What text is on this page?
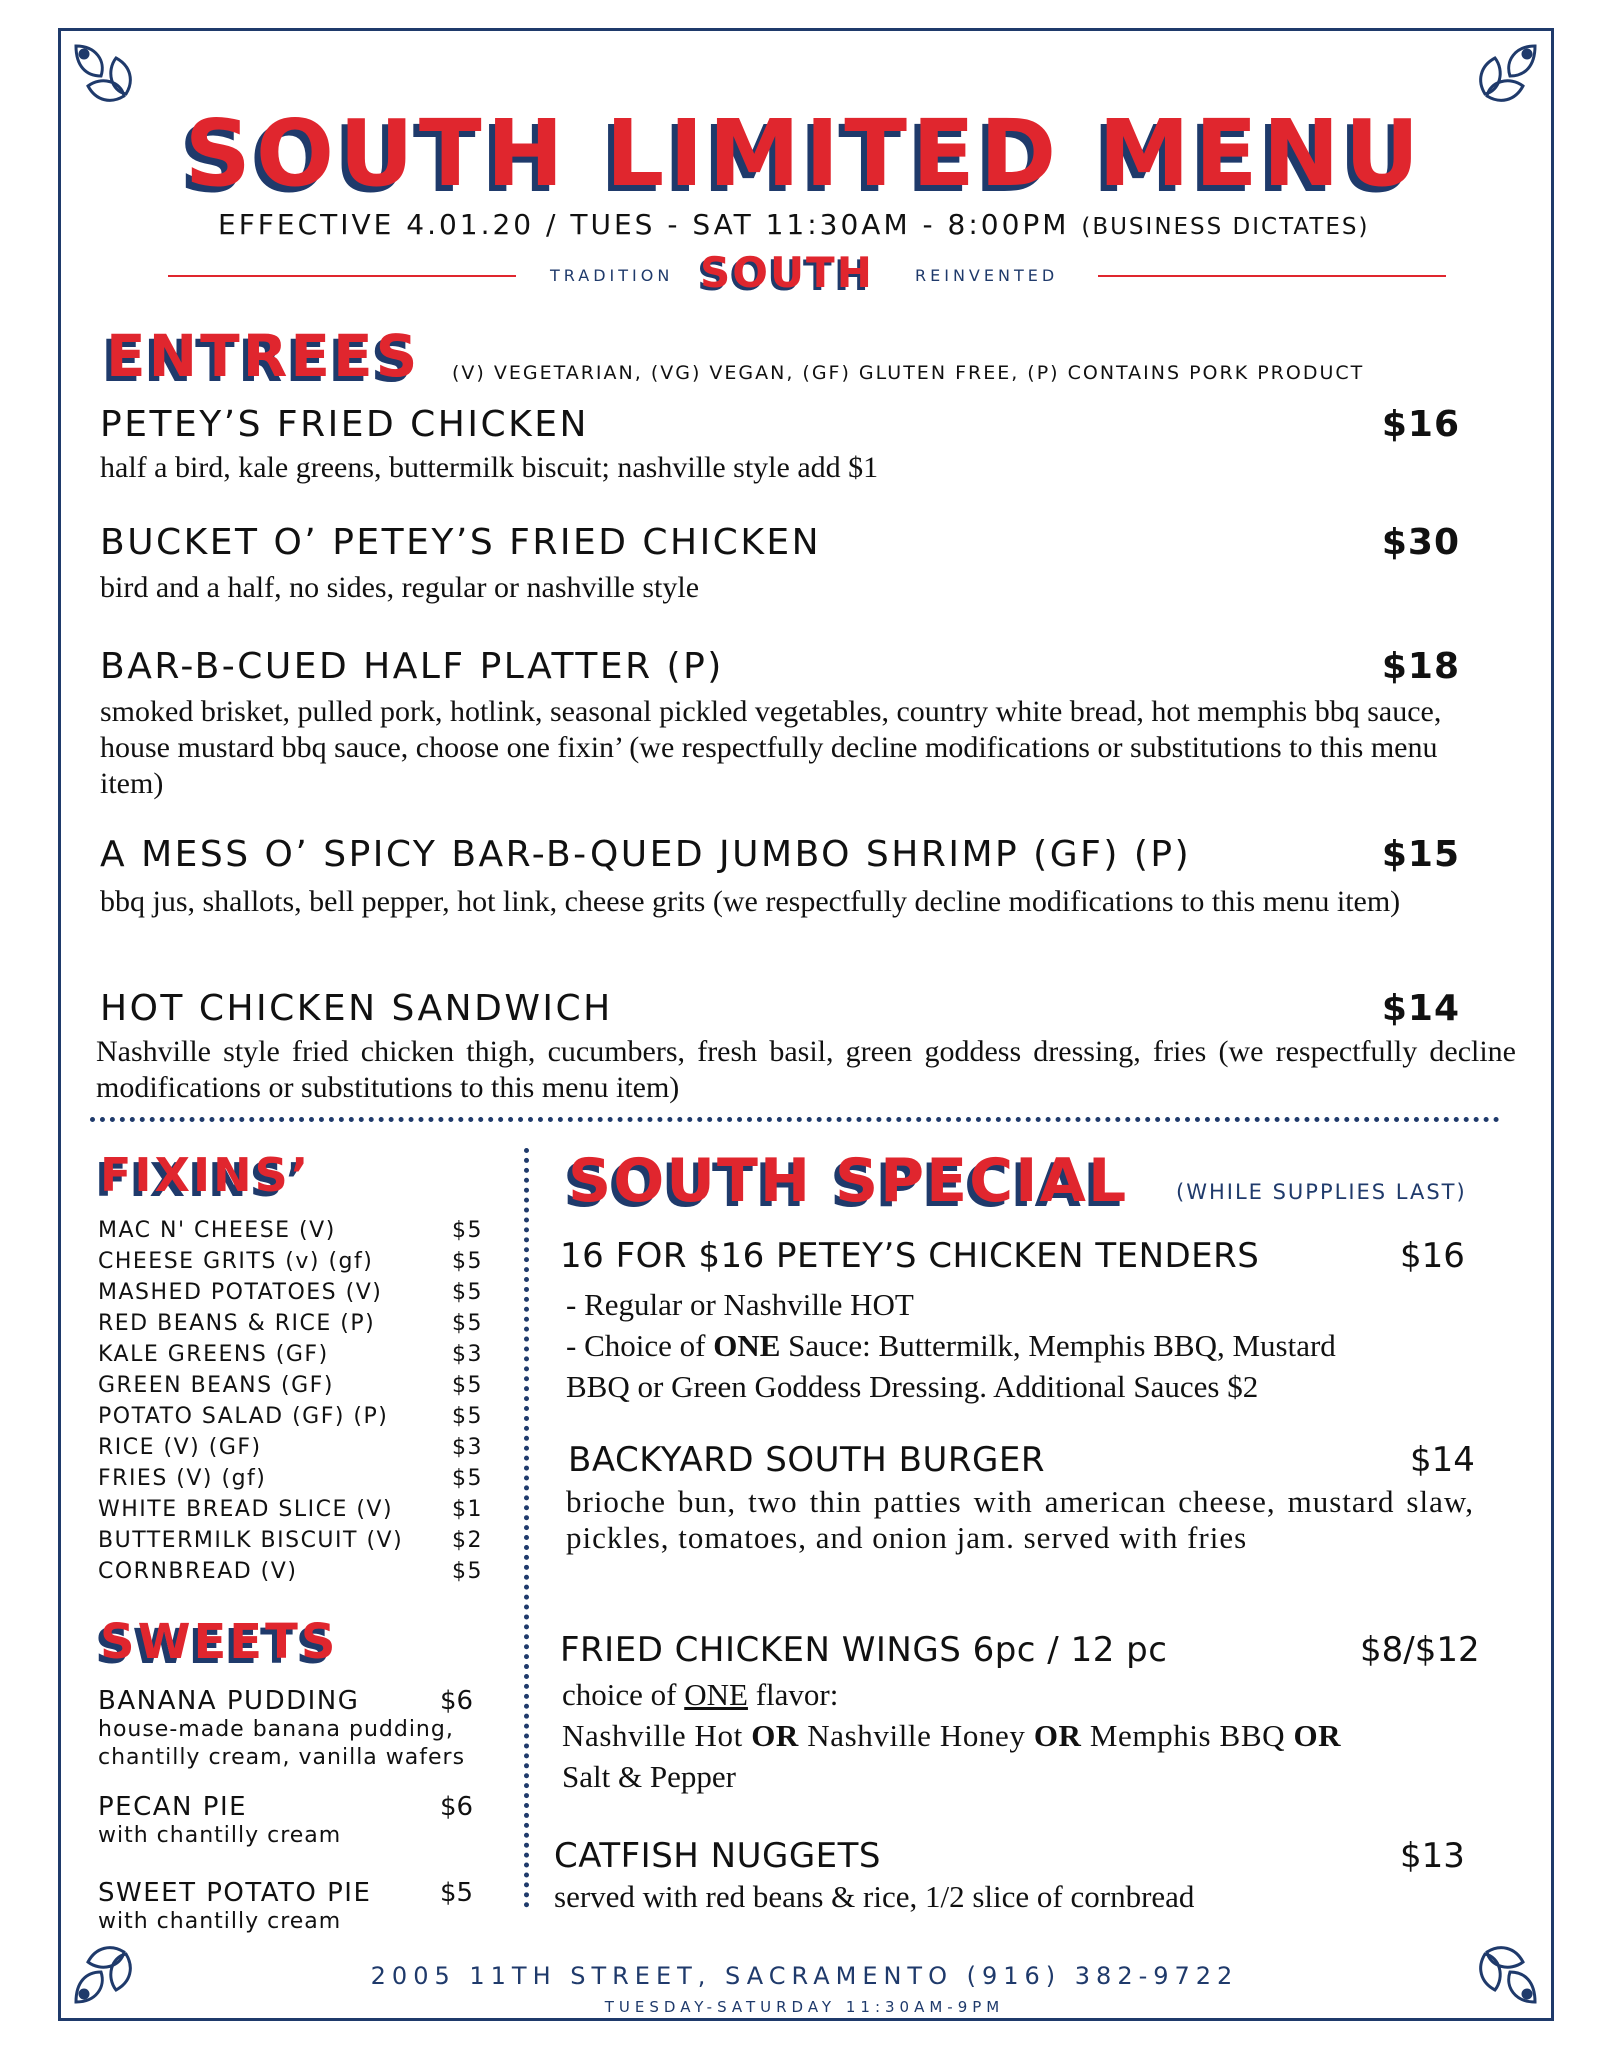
SOUTH LIMITED MENU
EFFECTIVE 4.01.20 / TUES - SAT 11:30AM - 8:00PM (BUSINESS DICTATES)
TRADITION SOUTH	REINVENTED
ENTREES (V) VEGETARIAN, (VG) VEGAN, (GF) GLUTEN FREE, (P) CONTAINS PORK PRODUCT
PETEY’S FRIED CHICKEN	$16
half a bird, kale greens, buttermilk biscuit; nashville style add $1
BUCKET O’ PETEY’S FRIED CHICKEN	$30
bird and a half, no sides, regular or nashville style
BAR-B-CUED HALF PLATTER (P)	$18
smoked brisket, pulled pork, hotlink, seasonal pickled vegetables, country white bread, hot memphis bbq sauce, house mustard bbq sauce, choose one fixin’ (we respectfully decline modifications or substitutions to this menu item)
A MESS O’ SPICY BAR-B-QUED JUMBO SHRIMP (GF) (P)	$15
bbq jus, shallots, bell pepper, hot link, cheese grits (we respectfully decline modifications to this menu item)
HOT CHICKEN SANDWICH	$14
Nashville style fried chicken thigh, cucumbers, fresh basil, green goddess dressing, fries (we respectfully decline modifications or substitutions to this menu item)
FIXINS’
MAC N' CHEESE (V)	$5
CHEESE GRITS (v) (gf)	$5
MASHED POTATOES (V)	$5
RED BEANS & RICE (P)	$5
KALE GREENS (GF)	$3
GREEN BEANS (GF)	$5
POTATO SALAD (GF) (P)	$5
RICE (V) (GF)	$3
FRIES (V) (gf)	$5
WHITE BREAD SLICE (V)	$1
BUTTERMILK BISCUIT (V) $2
CORNBREAD (V)	$5
SWEETS
BANANA PUDDING	$6
house-made banana pudding, chantilly cream, vanilla wafers
PECAN PIE	$6
with chantilly cream
SWEET POTATO PIE	$5
with chantilly cream
SOUTH SPECIAL (WHILE SUPPLIES LAST)
16 FOR $16 PETEY’S CHICKEN TENDERS	$16
- Regular or Nashville HOT
- Choice of ONE Sauce: Buttermilk, Memphis BBQ, Mustard
BBQ or Green Goddess Dressing. Additional Sauces $2
BACKYARD SOUTH BURGER	$14
brioche bun, two thin patties with american cheese, mustard slaw, pickles, tomatoes, and onion jam. served with fries
FRIED CHICKEN WINGS 6pc / 12 pc	$8/$12
choice of ONE flavor:
Nashville Hot OR Nashville Honey OR Memphis BBQ OR
Salt & Pepper
CATFISH NUGGETS	$13
served with red beans & rice, 1/2 slice of cornbread
2005 11TH STREET, SACRAMENTO (916) 382-9722
TUESDAY-SATURDAY 11:30AM-9PM
